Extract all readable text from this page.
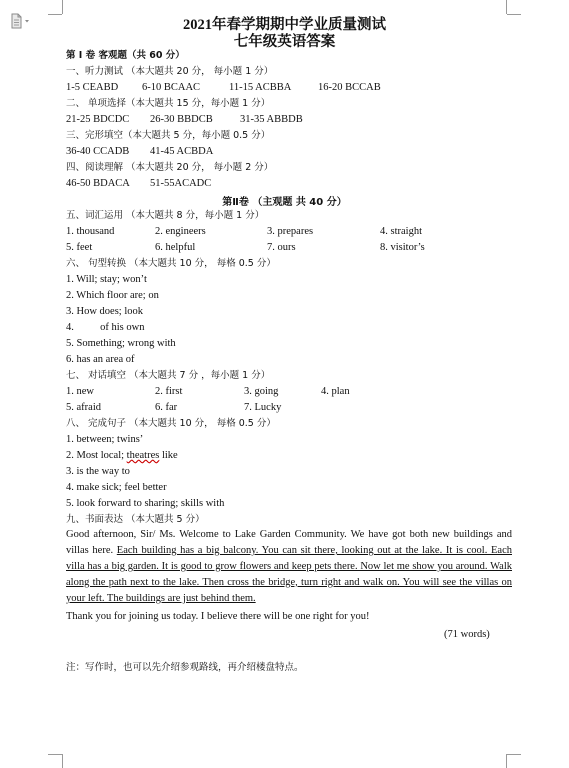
2021年春学期期中学业质量测试
七年级英语答案
第 Ⅰ 卷 客观题（共 60 分）
一、听力测试 （本大题共 20 分， 每小题 1 分）
1-5 CEABD 6-10 BCAAC	11-15 ACBBA	16-20 BCCAB
二、 单项选择（本大题共 15 分，每小题 1 分）
21-25 BDCDC 26-30 BBDCB	31-35 ABBDB
三、完形填空（本大题共 5 分，每小题 0.5 分）
36-40 CCADB 41-45 ACBDA
四、阅读理解 （本大题共 20 分， 每小题 2 分）
46-50 BDACA 51-55ACADC
第Ⅱ卷 （主观题 共 40 分）
五、词汇运用 （本大题共 8 分，每小题 1 分）
1. thousand	2. engineers	3. prepares	4. straight
5. feet	6. helpful	7. ours	8. visitor’s
六、 句型转换 （本大题共 10 分， 每格 0.5 分）
1. Will; stay; won’t
2. Which floor are; on
3. How does; look
4.          of his own
5. Something; wrong with
6. has an area of
七、 对话填空 （本大题共 7 分 ，每小题 1 分）
1. new	2. first	3. going	4. plan
5. afraid	6. far	7. Lucky
八、 完成句子 （本大题共 10 分， 每格 0.5 分）
1. between; twins’
2. Most local; theatres like
3. is the way to
4. make sick; feel better
5. look forward to sharing; skills with
九、书面表达 （本大题共 5 分）
Good afternoon, Sir/ Ms. Welcome to Lake Garden Community. We have got both new buildings and villas here. Each building has a big balcony. You can sit there, looking out at the lake. It is cool. Each villa has a big garden. It is good to grow flowers and keep pets there. Now let me show you around. Walk along the path next to the lake. Then cross the bridge, turn right and walk on. You will see the villas on your left. The buildings are just behind them.
Thank you for joining us today. I believe there will be one right for you!
(71 words)
注：写作时，也可以先介绍参观路线，再介绍楼盘特点。
